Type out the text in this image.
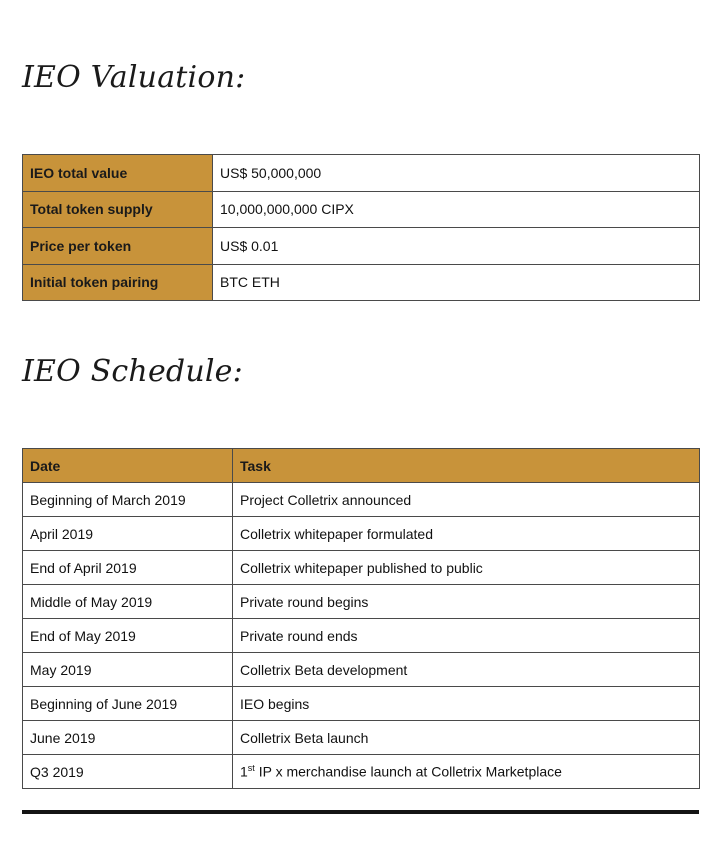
IEO Valuation:
IEO total value	US$ 50,000,000
Total token supply	10,000,000,000 CIPX
Price per token	US$ 0.01
Initial token pairing	BTC ETH
IEO Schedule:
Date	Task
Beginning of March 2019	Project Colletrix announced
April 2019	Colletrix whitepaper formulated
End of April 2019	Colletrix whitepaper published to public
Middle of May 2019	Private round begins
End of May 2019	Private round ends
May 2019	Colletrix Beta development
Beginning of June 2019	IEO begins
June 2019	Colletrix Beta launch
Q3 2019	1st IP x merchandise launch at Colletrix Marketplace
